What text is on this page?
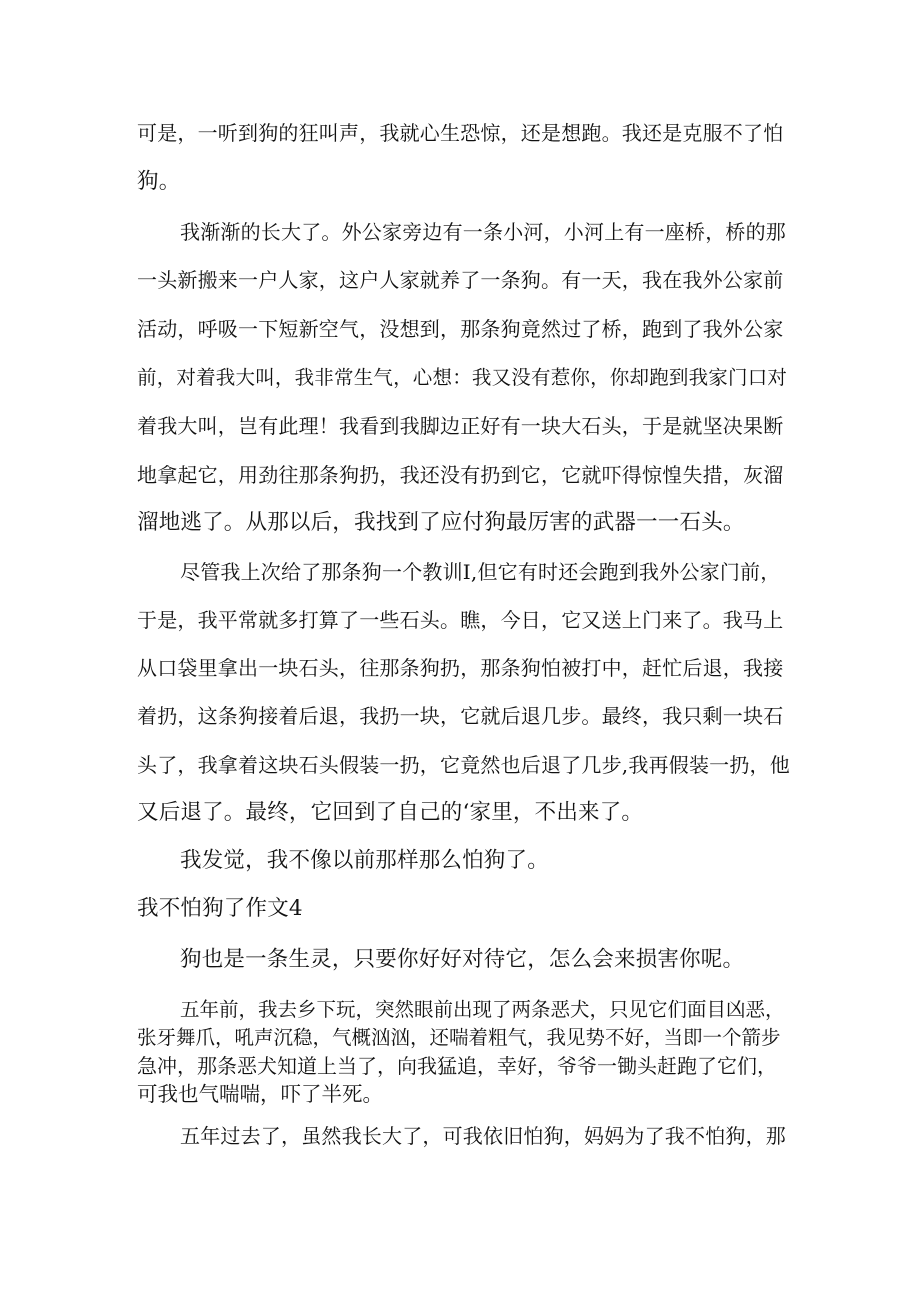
可是，一听到狗的狂叫声，我就心生恐惊，还是想跑。我还是克服不了怕
狗。
我渐渐的长大了。外公家旁边有一条小河，小河上有一座桥，桥的那
一头新搬来一户人家，这户人家就养了一条狗。有一天，我在我外公家前
活动，呼吸一下短新空气，没想到，那条狗竟然过了桥，跑到了我外公家
前，对着我大叫，我非常生气，心想：我又没有惹你，你却跑到我家门口对
着我大叫，岂有此理！我看到我脚边正好有一块大石头，于是就坚决果断
地拿起它，用劲往那条狗扔，我还没有扔到它，它就吓得惊惶失措，灰溜
溜地逃了。从那以后，我找到了应付狗最厉害的武器一一石头。
尽管我上次给了那条狗一个教训I,但它有时还会跑到我外公家门前，
于是，我平常就多打算了一些石头。瞧，今日，它又送上门来了。我马上
从口袋里拿出一块石头，往那条狗扔，那条狗怕被打中，赶忙后退，我接
着扔，这条狗接着后退，我扔一块，它就后退几步。最终，我只剩一块石
头了，我拿着这块石头假装一扔，它竟然也后退了几步,我再假装一扔，他
又后退了。最终，它回到了自己的‘家里，不出来了。
我发觉，我不像以前那样那么怕狗了。
我不怕狗了作文4
狗也是一条生灵，只要你好好对待它，怎么会来损害你呢。
五年前，我去乡下玩，突然眼前出现了两条恶犬，只见它们面目凶恶，
张牙舞爪，吼声沉稳，气概汹汹，还喘着粗气，我见势不好，当即一个箭步
急冲，那条恶犬知道上当了，向我猛追，幸好，爷爷一锄头赶跑了它们，
可我也气喘喘，吓了半死。
五年过去了，虽然我长大了，可我依旧怕狗，妈妈为了我不怕狗，那
